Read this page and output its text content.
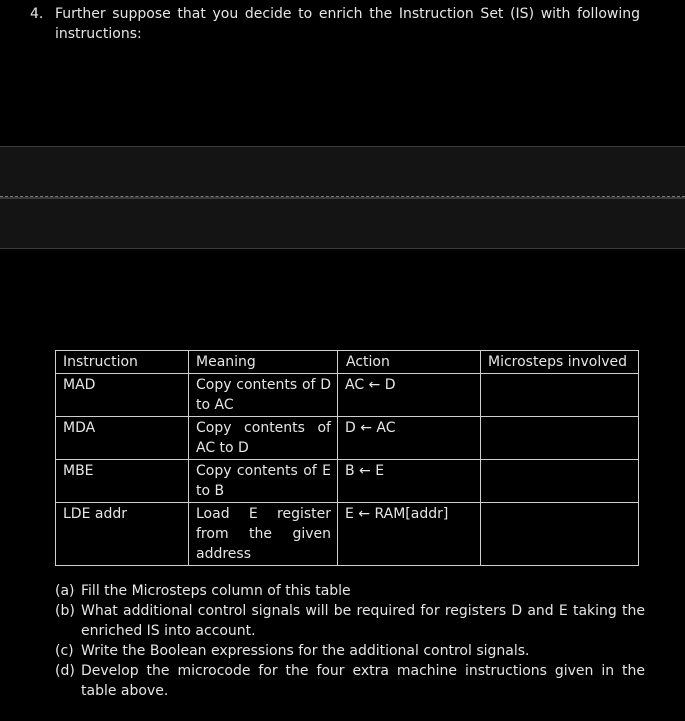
4. Further suppose that you decide to enrich the Instruction Set (IS) with following instructions:
Instruction	Meaning	Action	Microsteps involved
MAD	Copy contents of D to AC	AC ← D	
MDA	Copy contents of AC to D	D ← AC	
MBE	Copy contents of E to B	B ← E	
LDE addr	Load E register from the given address	E ← RAM[addr]	
(a) Fill the Microsteps column of this table
(b) What additional control signals will be required for registers D and E taking the enriched IS into account.
(c) Write the Boolean expressions for the additional control signals.
(d) Develop the microcode for the four extra machine instructions given in the table above.
